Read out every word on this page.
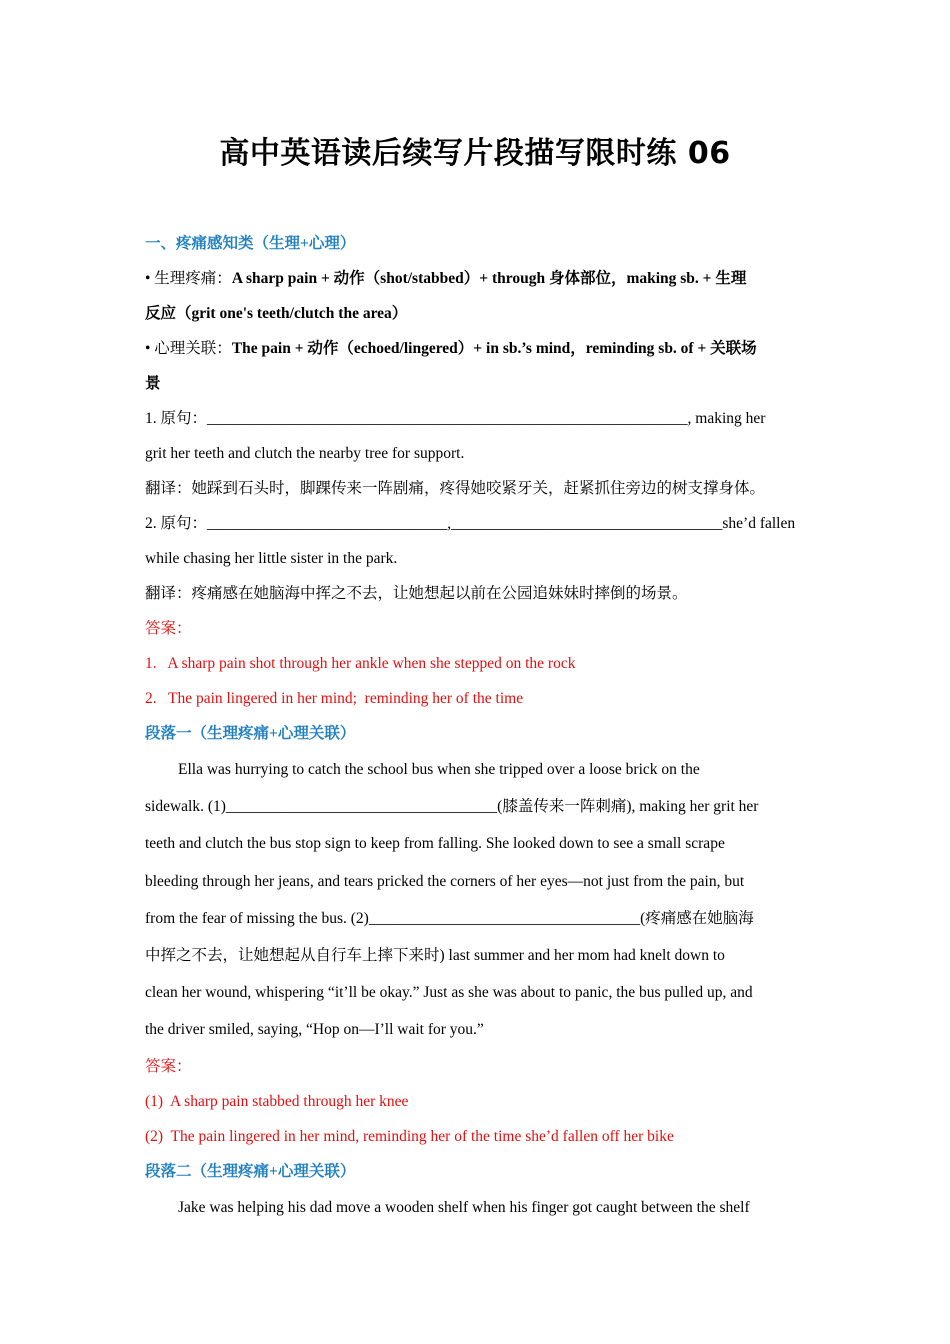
高中英语读后续写片段描写限时练 06
一、疼痛感知类（生理+心理）
• 生理疼痛：A sharp pain + 动作（shot/stabbed）+ through 身体部位，making sb. + 生理
反应（grit one's teeth/clutch the area）
• 心理关联：The pain + 动作（echoed/lingered）+ in sb.’s mind，reminding sb. of + 关联场
景
1. 原句：______________________________________________________________, making her
grit her teeth and clutch the nearby tree for support.
翻译：她踩到石头时，脚踝传来一阵剧痛，疼得她咬紧牙关，赶紧抓住旁边的树支撑身体。
2. 原句：_______________________________,___________________________________she’d fallen
while chasing her little sister in the park.
翻译：疼痛感在她脑海中挥之不去，让她想起以前在公园追妹妹时摔倒的场景。
答案：
1.   A sharp pain shot through her ankle when she stepped on the rock
2.   The pain lingered in her mind;  reminding her of the time
段落一（生理疼痛+心理关联）
Ella was hurrying to catch the school bus when she tripped over a loose brick on the
sidewalk. (1)___________________________________(膝盖传来一阵刺痛), making her grit her
teeth and clutch the bus stop sign to keep from falling. She looked down to see a small scrape
bleeding through her jeans, and tears pricked the corners of her eyes—not just from the pain, but
from the fear of missing the bus. (2)___________________________________(疼痛感在她脑海
中挥之不去，让她想起从自行车上摔下来时) last summer and her mom had knelt down to
clean her wound, whispering “it’ll be okay.” Just as she was about to panic, the bus pulled up, and
the driver smiled, saying, “Hop on—I’ll wait for you.”
答案：
(1)  A sharp pain stabbed through her knee
(2)  The pain lingered in her mind, reminding her of the time she’d fallen off her bike
段落二（生理疼痛+心理关联）
Jake was helping his dad move a wooden shelf when his finger got caught between the shelf
